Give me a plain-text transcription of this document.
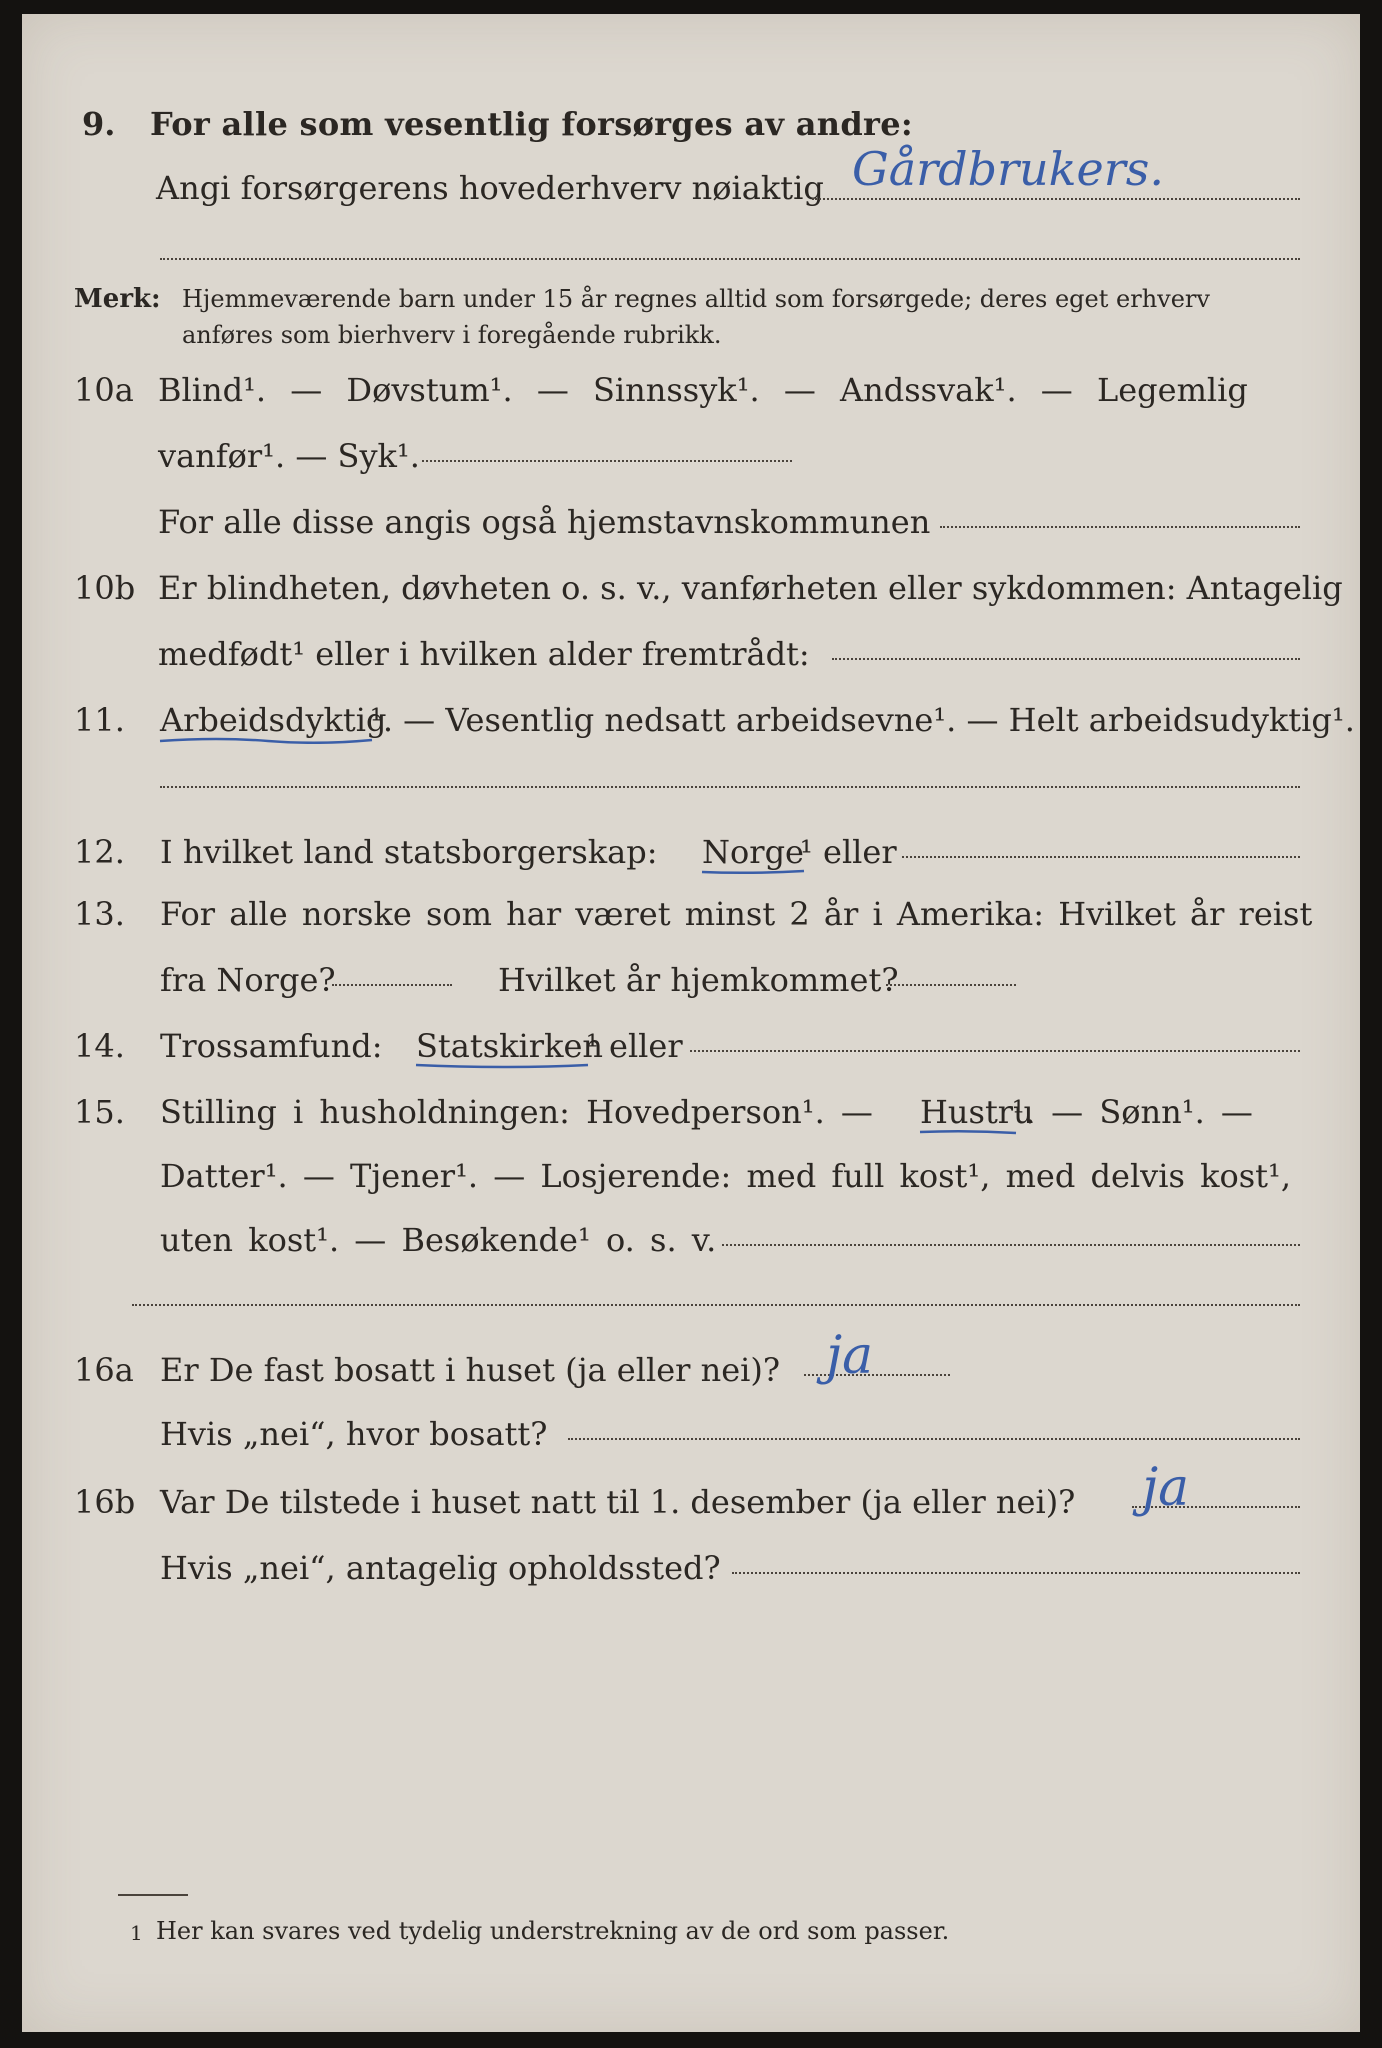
9. For alle som vesentlig forsørges av andre:
Angi forsørgerens hovederhverv nøiaktig Gårdbrukers.
Merk: Hjemmeværende barn under 15 år regnes alltid som forsørgede; deres eget erhverv
anføres som bierhverv i foregående rubrikk.
10a Blind¹. — Døvstum¹. — Sinnssyk¹. — Andssvak¹. — Legemlig
vanfør¹. — Syk¹.
For alle disse angis også hjemstavnskommunen
10b Er blindheten, døvheten o. s. v., vanførheten eller sykdommen: Antagelig
medfødt¹ eller i hvilken alder fremtrådt:
11. Arbeidsdyktig
¹. — Vesentlig nedsatt arbeidsevne¹. — Helt arbeidsudyktig¹.
12. I hvilket land statsborgerskap: Norge
¹ eller
13. For alle norske som har været minst 2 år i Amerika: Hvilket år reist
fra Norge?	Hvilket år hjemkommet?
14. Trossamfund: Statskirken
¹ eller
15. Stilling i husholdningen: Hovedperson¹. — Hustru
¹. — Sønn¹. —
Datter¹. — Tjener¹. — Losjerende: med full kost¹, med delvis kost¹,
uten kost¹. — Besøkende¹ o. s. v.
16a Er De fast bosatt i huset (ja eller nei)? ja
Hvis „nei“, hvor bosatt?
16b Var De tilstede i huset natt til 1. desember (ja eller nei)? ja
Hvis „nei“, antagelig opholdssted?
1 Her kan svares ved tydelig understrekning av de ord som passer.
